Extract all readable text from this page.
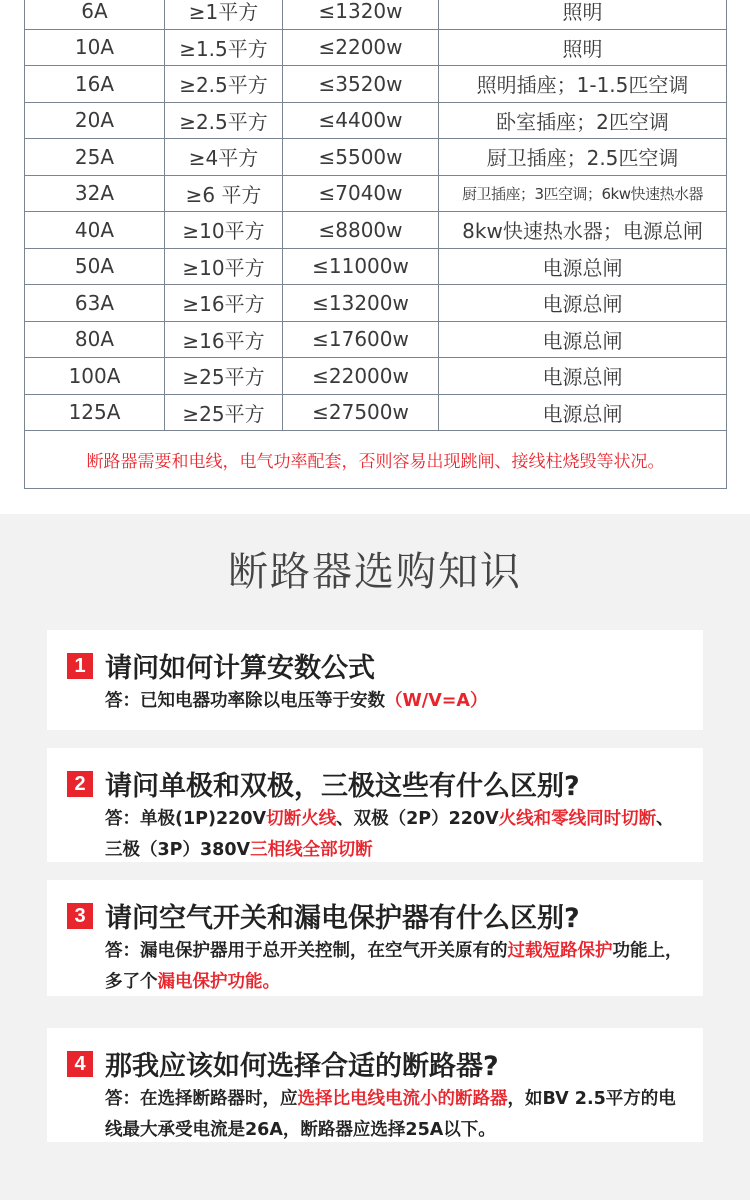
6A	≥1平方	≤1320w	照明
10A	≥1.5平方	≤2200w	照明
16A	≥2.5平方	≤3520w	照明插座；1-1.5匹空调
20A	≥2.5平方	≤4400w	卧室插座；2匹空调
25A	≥4平方	≤5500w	厨卫插座；2.5匹空调
32A	≥6 平方	≤7040w	厨卫插座；3匹空调；6kw快速热水器
40A	≥10平方	≤8800w	8kw快速热水器；电源总闸
50A	≥10平方	≤11000w	电源总闸
63A	≥16平方	≤13200w	电源总闸
80A	≥16平方	≤17600w	电源总闸
100A	≥25平方	≤22000w	电源总闸
125A	≥25平方	≤27500w	电源总闸
断路器需要和电线，电气功率配套，否则容易出现跳闸、接线柱烧毁等状况。			
断路器选购知识
1 请问如何计算安数公式

答：已知电器功率除以电压等于安数（W/V=A）

2 请问单极和双极，三极这些有什么区别?

答：单极(1P)220V切断火线、双极（2P）220V火线和零线同时切断、三极（3P）380V三相线全部切断

3 请问空气开关和漏电保护器有什么区别?

答：漏电保护器用于总开关控制，在空气开关原有的过载短路保护功能上，多了个漏电保护功能。

4 那我应该如何选择合适的断路器?

答：在选择断路器时，应选择比电线电流小的断路器，如BV 2.5平方的电线最大承受电流是26A，断路器应选择25A以下。
